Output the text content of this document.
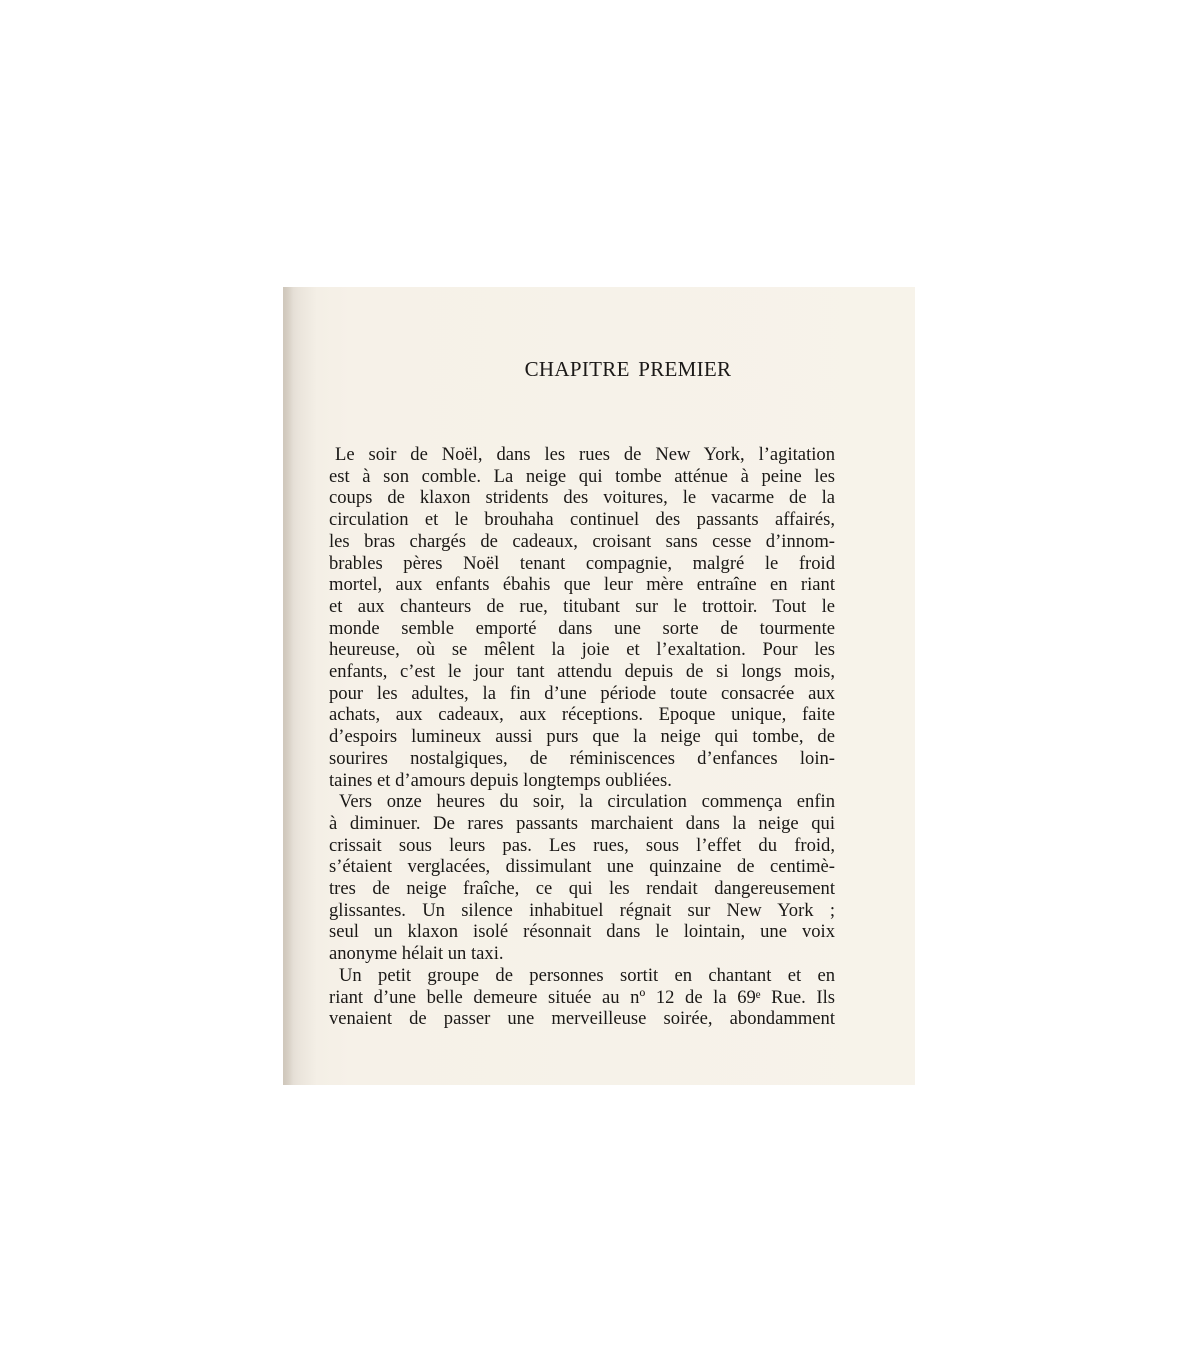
CHAPITRE PREMIER

Le soir de Noël, dans les rues de New York, l’agitation
est à son comble. La neige qui tombe atténue à peine les
coups de klaxon stridents des voitures, le vacarme de la
circulation et le brouhaha continuel des passants affairés,
les bras chargés de cadeaux, croisant sans cesse d’innom-
brables pères Noël tenant compagnie, malgré le froid
mortel, aux enfants ébahis que leur mère entraîne en riant
et aux chanteurs de rue, titubant sur le trottoir. Tout le
monde semble emporté dans une sorte de tourmente
heureuse, où se mêlent la joie et l’exaltation. Pour les
enfants, c’est le jour tant attendu depuis de si longs mois,
pour les adultes, la fin d’une période toute consacrée aux
achats, aux cadeaux, aux réceptions. Epoque unique, faite
d’espoirs lumineux aussi purs que la neige qui tombe, de
sourires nostalgiques, de réminiscences d’enfances loin-
taines et d’amours depuis longtemps oubliées.

Vers onze heures du soir, la circulation commença enfin
à diminuer. De rares passants marchaient dans la neige qui
crissait sous leurs pas. Les rues, sous l’effet du froid,
s’étaient verglacées, dissimulant une quinzaine de centimè-
tres de neige fraîche, ce qui les rendait dangereusement
glissantes. Un silence inhabituel régnait sur New York ;
seul un klaxon isolé résonnait dans le lointain, une voix
anonyme hélait un taxi.

Un petit groupe de personnes sortit en chantant et en
riant d’une belle demeure située au nº 12 de la 69ᵉ Rue. Ils
venaient de passer une merveilleuse soirée, abondamment
